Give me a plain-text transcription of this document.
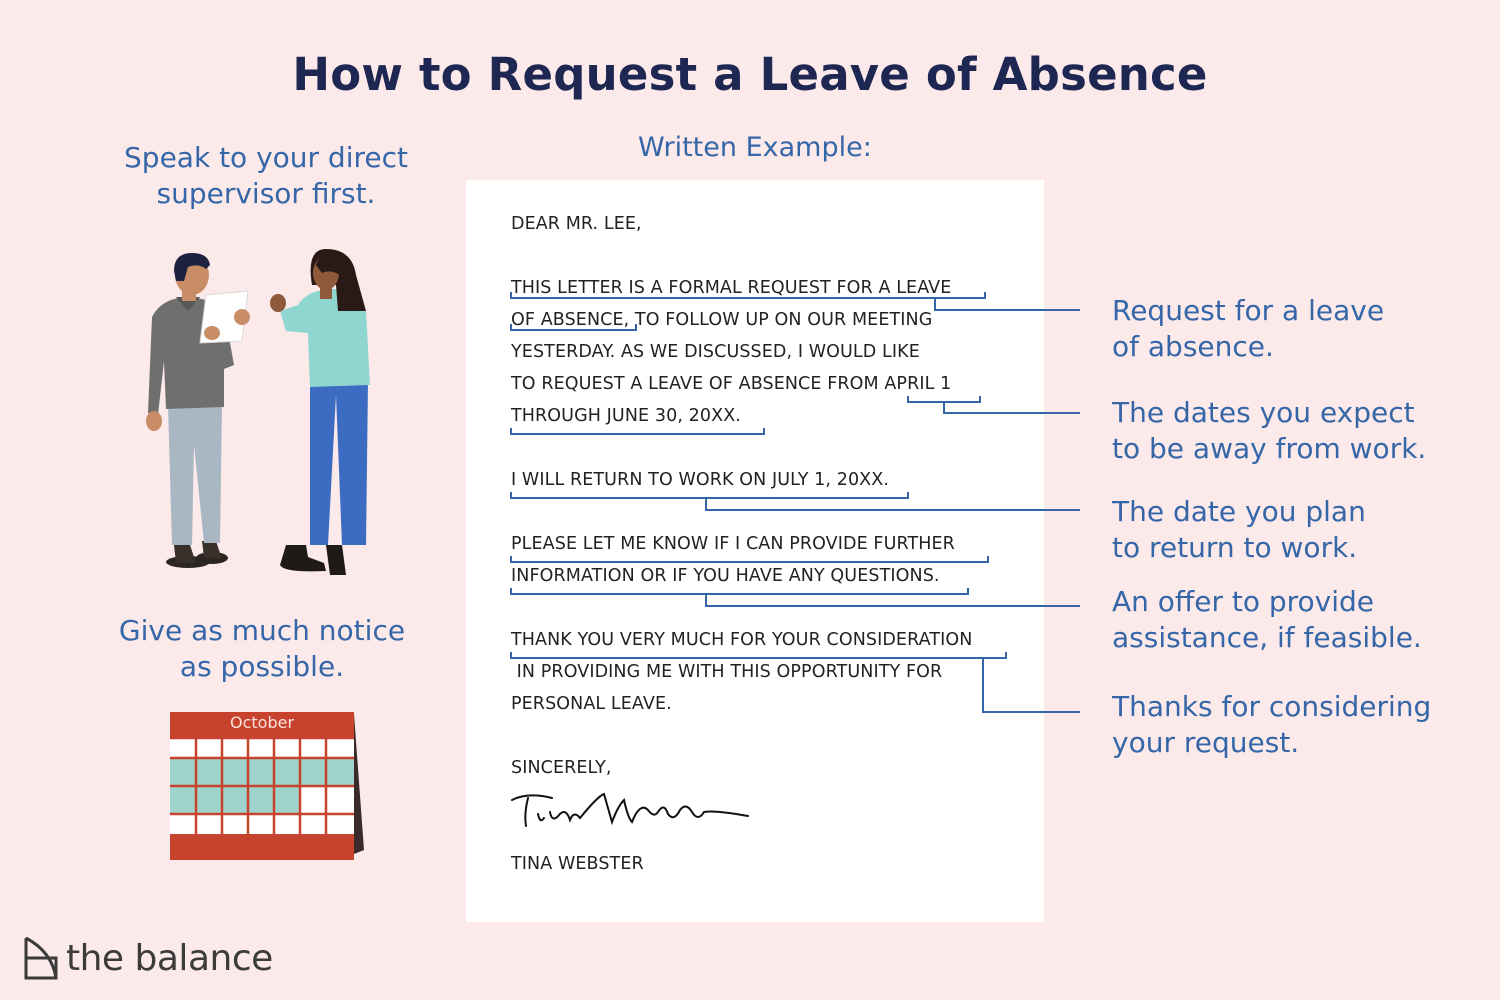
How to Request a Leave of Absence
Speak to your direct
supervisor first.
Give as much notice
as possible.
October
Written Example:
DEAR MR. LEE,
THIS LETTER IS A FORMAL REQUEST FOR A LEAVE
OF ABSENCE, TO FOLLOW UP ON OUR MEETING
YESTERDAY. AS WE DISCUSSED, I WOULD LIKE
TO REQUEST A LEAVE OF ABSENCE FROM APRIL 1
THROUGH JUNE 30, 20XX.
I WILL RETURN TO WORK ON JULY 1, 20XX.
PLEASE LET ME KNOW IF I CAN PROVIDE FURTHER
INFORMATION OR IF YOU HAVE ANY QUESTIONS.
THANK YOU VERY MUCH FOR YOUR CONSIDERATION
IN PROVIDING ME WITH THIS OPPORTUNITY FOR
PERSONAL LEAVE.
SINCERELY,
TINA WEBSTER
Request for a leave
of absence.
The dates you expect
to be away from work.
The date you plan
to return to work.
An offer to provide
assistance, if feasible.
Thanks for considering
your request.
the balance
